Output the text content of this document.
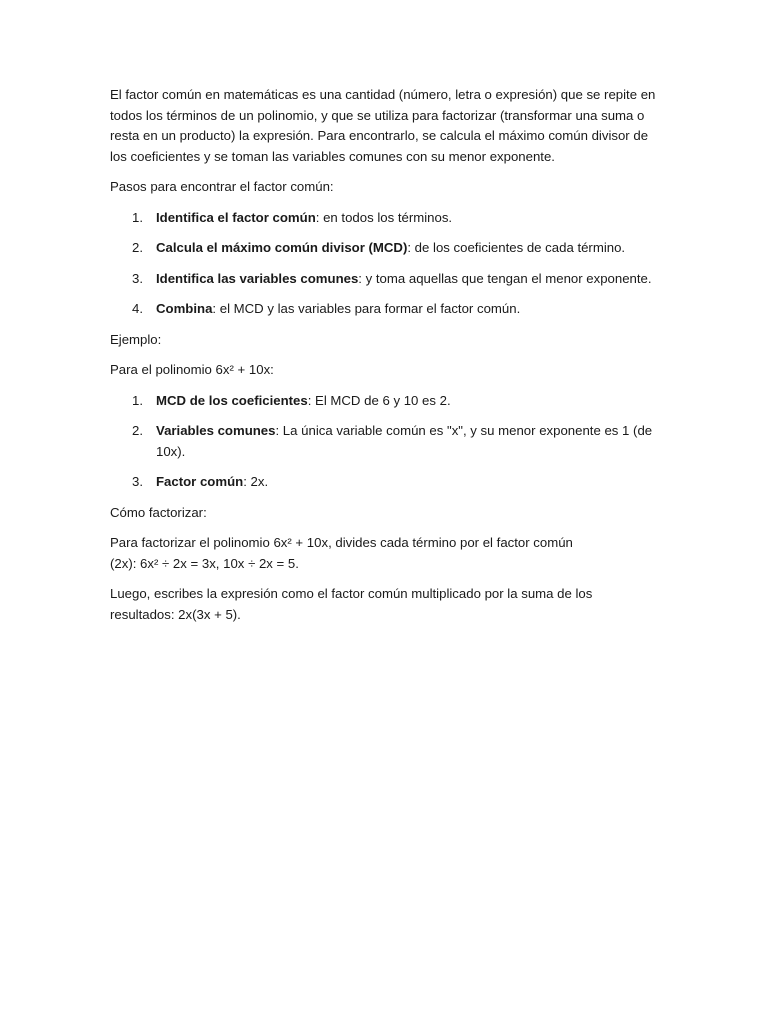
El factor común en matemáticas es una cantidad (número, letra o expresión) que se repite en todos los términos de un polinomio, y que se utiliza para factorizar (transformar una suma o resta en un producto) la expresión. Para encontrarlo, se calcula el máximo común divisor de los coeficientes y se toman las variables comunes con su menor exponente.

Pasos para encontrar el factor común:

1. Identifica el factor común: en todos los términos.
2. Calcula el máximo común divisor (MCD): de los coeficientes de cada término.
3. Identifica las variables comunes: y toma aquellas que tengan el menor exponente.
4. Combina: el MCD y las variables para formar el factor común.

Ejemplo:

Para el polinomio 6x² + 10x:

1. MCD de los coeficientes: El MCD de 6 y 10 es 2.
2. Variables comunes: La única variable común es "x", y su menor exponente es 1 (de 10x).
3. Factor común: 2x.

Cómo factorizar:

Para factorizar el polinomio 6x² + 10x, divides cada término por el factor común
(2x): 6x² ÷ 2x = 3x, 10x ÷ 2x = 5.

Luego, escribes la expresión como el factor común multiplicado por la suma de los resultados: 2x(3x + 5).
